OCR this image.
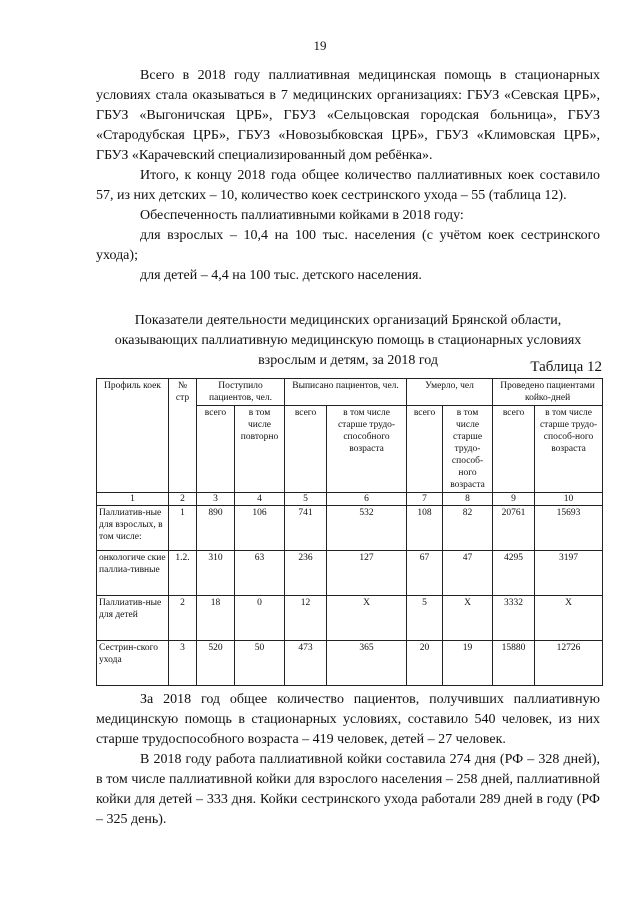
19

Всего в 2018 году паллиативная медицинская помощь в стационарных условиях стала оказываться в 7 медицинских организациях: ГБУЗ «Севская ЦРБ», ГБУЗ «Выгоничская ЦРБ», ГБУЗ «Сельцовская городская больница», ГБУЗ «Стародубская ЦРБ», ГБУЗ «Новозыбковская ЦРБ», ГБУЗ «Климовская ЦРБ», ГБУЗ «Карачевский специализированный дом ребёнка».

Итого, к концу 2018 года общее количество паллиативных коек составило 57, из них детских – 10, количество коек сестринского ухода – 55 (таблица 12).

Обеспеченность паллиативными койками в 2018 году:

для взрослых – 10,4 на 100 тыс. населения (с учётом коек сестринского ухода);

для детей – 4,4 на 100 тыс. детского населения.

Показатели деятельности медицинских организаций Брянской области,
оказывающих паллиативную медицинскую помощь в стационарных условиях
взрослым и детям, за 2018 год	Таблица 12
Профиль коек	№ стр	Поступило пациентов, чел.		Выписано пациентов, чел.		Умерло, чел		Проведено пациентами койко-дней	
		всего	в том числе повторно	всего	в том числе старше трудо-способного возраста	всего	в том числе старше трудо-способ-ного возраста	всего	в том числе старше трудо-способ-ного возраста
1	2	3	4	5	6	7	8	9	10
Паллиатив-ные для взрослых, в том числе:	1	890	106	741	532	108	82	20761	15693
онкологиче ские паллиа-тивные	1.2.	310	63	236	127	67	47	4295	3197
Паллиатив-ные для детей	2	18	0	12	Х	5	Х	3332	Х
Сестрин-ского ухода	3	520	50	473	365	20	19	15880	12726

За 2018 год общее количество пациентов, получивших паллиативную медицинскую помощь в стационарных условиях, составило 540 человек, из них старше трудоспособного возраста – 419 человек, детей – 27 человек.

В 2018 году работа паллиативной койки составила 274 дня (РФ – 328 дней), в том числе паллиативной койки для взрослого населения – 258 дней, паллиативной койки для детей – 333 дня. Койки сестринского ухода работали 289 дней в году (РФ – 325 день).
